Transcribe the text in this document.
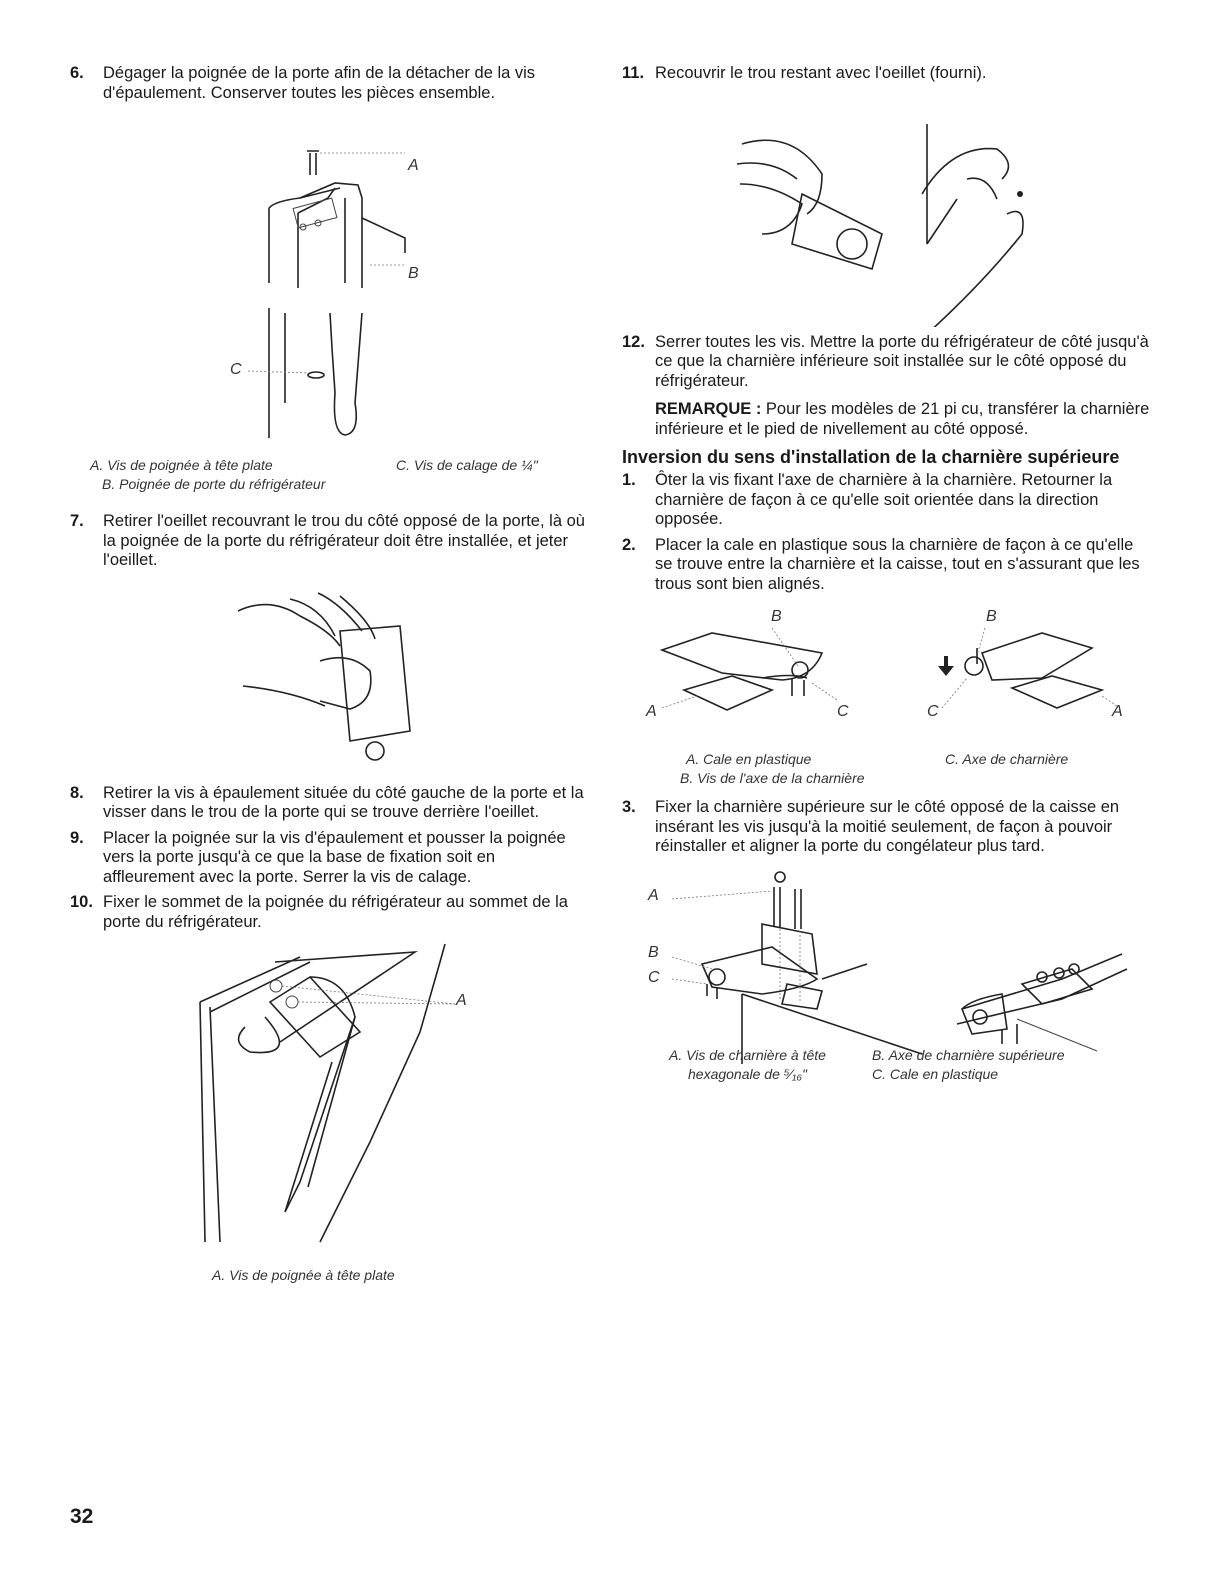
6. Dégager la poignée de la porte afin de la détacher de la vis d'épaulement. Conserver toutes les pièces ensemble.

A
B
C
A. Vis de poignée à tête plate
B. Poignée de porte du réfrigérateur
C. Vis de calage de ¼"
7. Retirer l'oeillet recouvrant le trou du côté opposé de la porte, là où la poignée de la porte du réfrigérateur doit être installée, et jeter l'oeillet.

8. Retirer la vis à épaulement située du côté gauche de la porte et la visser dans le trou de la porte qui se trouve derrière l'oeillet.

9. Placer la poignée sur la vis d'épaulement et pousser la poignée vers la porte jusqu'à ce que la base de fixation soit en affleurement avec la porte. Serrer la vis de calage.

10. Fixer le sommet de la poignée du réfrigérateur au sommet de la porte du réfrigérateur.

A
A. Vis de poignée à tête plate
11. Recouvrir le trou restant avec l'oeillet (fourni).

12. Serrer toutes les vis. Mettre la porte du réfrigérateur de côté jusqu'à ce que la charnière inférieure soit installée sur le côté opposé du réfrigérateur.

REMARQUE : Pour les modèles de 21 pi cu, transférer la charnière inférieure et le pied de nivellement au côté opposé.

Inversion du sens d'installation de la charnière supérieure
1. Ôter la vis fixant l'axe de charnière à la charnière. Retourner la charnière de façon à ce qu'elle soit orientée dans la direction opposée.

2. Placer la cale en plastique sous la charnière de façon à ce qu'elle se trouve entre la charnière et la caisse, tout en s'assurant que les trous sont bien alignés.

B	B
A	C	C	A
A. Cale en plastique
B. Vis de l'axe de la charnière
C. Axe de charnière
3. Fixer la charnière supérieure sur le côté opposé de la caisse en insérant les vis jusqu'à la moitié seulement, de façon à pouvoir réinstaller et aligner la porte du congélateur plus tard.

A
B
C
A. Vis de charnière à tête
hexagonale de ⁵⁄₁₆"
B. Axe de charnière supérieure
C. Cale en plastique
32
